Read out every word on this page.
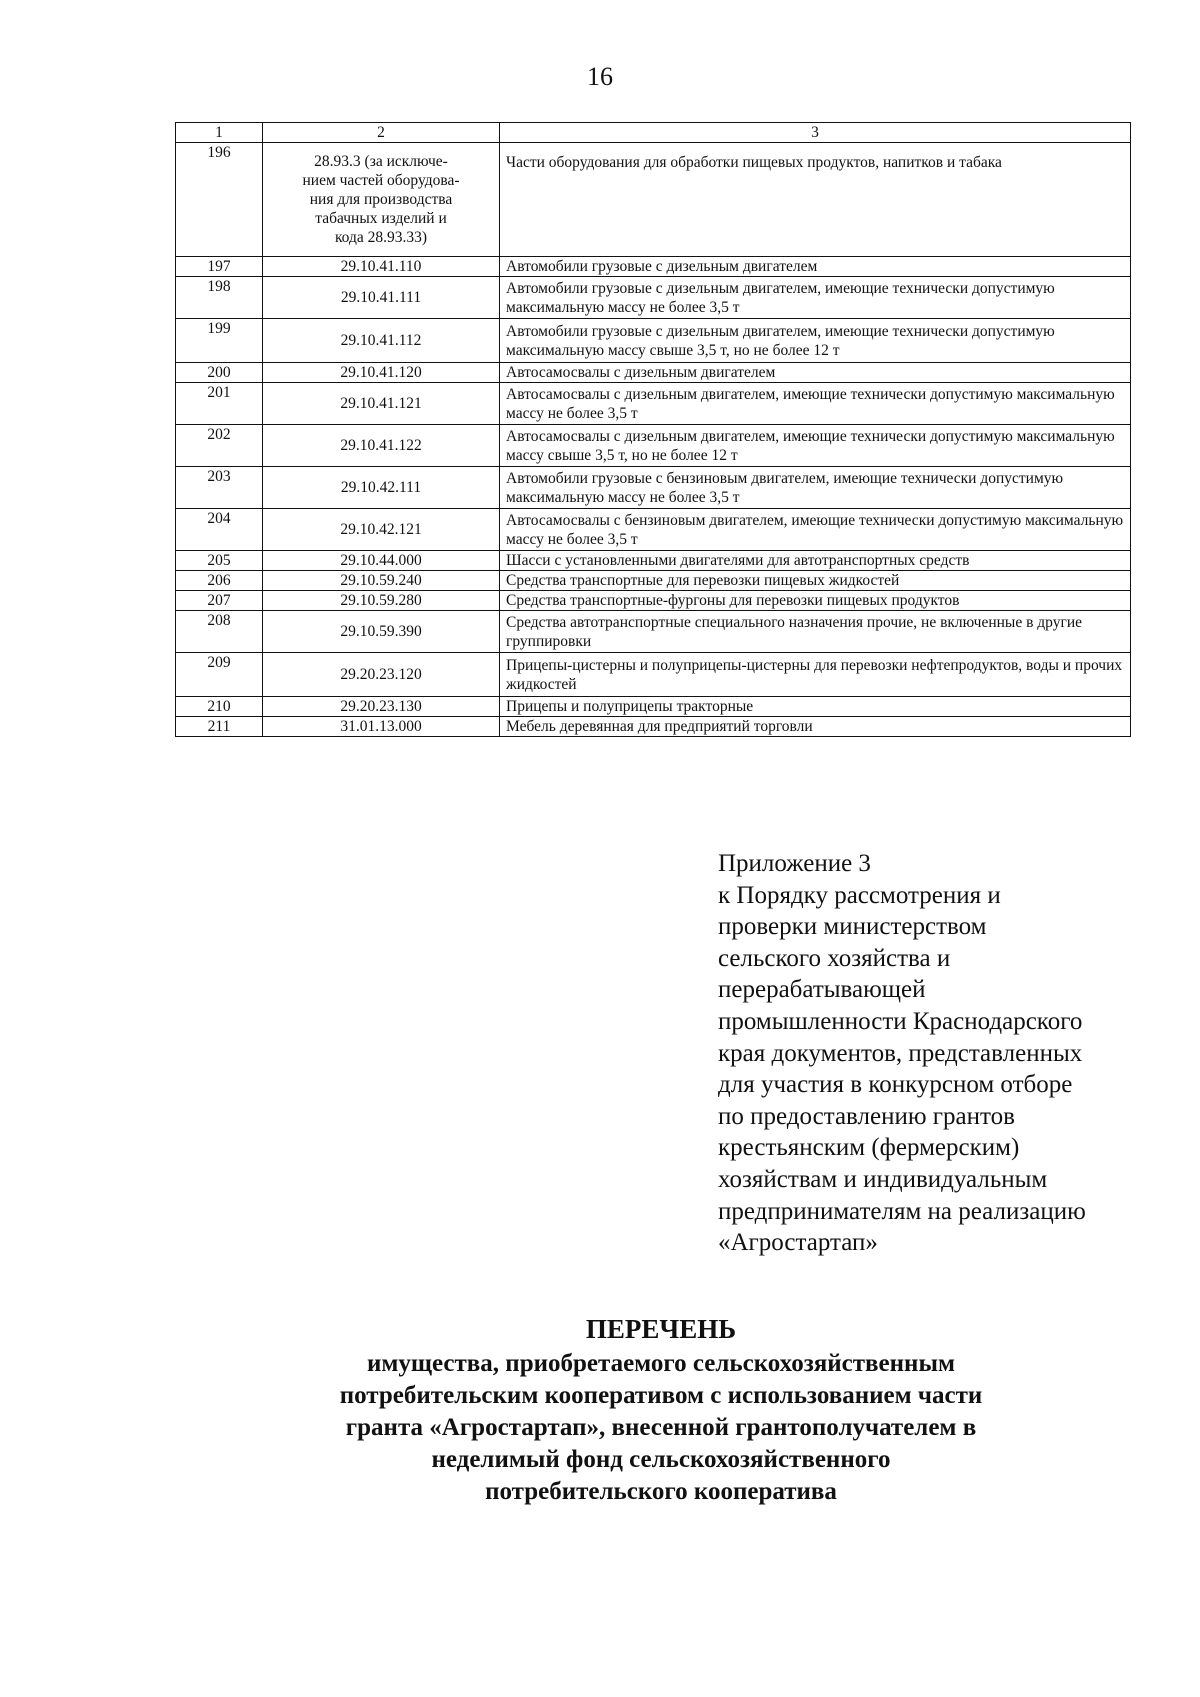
16
1	2	3
196	28.93.3 (за исключе-
нием частей оборудова-
ния для производства
табачных изделий и
кода 28.93.33)	Части оборудования для обработки пищевых продуктов, напитков и табака
197	29.10.41.110	Автомобили грузовые с дизельным двигателем
198	29.10.41.111	Автомобили грузовые с дизельным двигателем, имеющие технически допустимую максимальную массу не более 3,5 т
199	29.10.41.112	Автомобили грузовые с дизельным двигателем, имеющие технически допустимую максимальную массу свыше 3,5 т, но не более 12 т
200	29.10.41.120	Автосамосвалы с дизельным двигателем
201	29.10.41.121	Автосамосвалы с дизельным двигателем, имеющие технически допустимую максимальную массу не более 3,5 т
202	29.10.41.122	Автосамосвалы с дизельным двигателем, имеющие технически допустимую максимальную массу свыше 3,5 т, но не более 12 т
203	29.10.42.111	Автомобили грузовые с бензиновым двигателем, имеющие технически допустимую максимальную массу не более 3,5 т
204	29.10.42.121	Автосамосвалы с бензиновым двигателем, имеющие технически допустимую максимальную массу не более 3,5 т
205	29.10.44.000	Шасси с установленными двигателями для автотранспортных средств
206	29.10.59.240	Средства транспортные для перевозки пищевых жидкостей
207	29.10.59.280	Средства транспортные-фургоны для перевозки пищевых продуктов
208	29.10.59.390	Средства автотранспортные специального назначения прочие, не включенные в другие группировки
209	29.20.23.120	Прицепы-цистерны и полуприцепы-цистерны для перевозки нефтепродуктов, воды и прочих жидкостей
210	29.20.23.130	Прицепы и полуприцепы тракторные
211	31.01.13.000	Мебель деревянная для предприятий торговли
Приложение 3
к Порядку рассмотрения и
проверки министерством
сельского хозяйства и
перерабатывающей
промышленности Краснодарского
края документов, представленных
для участия в конкурсном отборе
по предоставлению грантов
крестьянским (фермерским)
хозяйствам и индивидуальным
предпринимателям на реализацию
«Агростартап»
ПЕРЕЧЕНЬ
имущества, приобретаемого сельскохозяйственным
потребительским кооперативом с использованием части
гранта «Агростартап», внесенной грантополучателем в
неделимый фонд сельскохозяйственного
потребительского кооператива
